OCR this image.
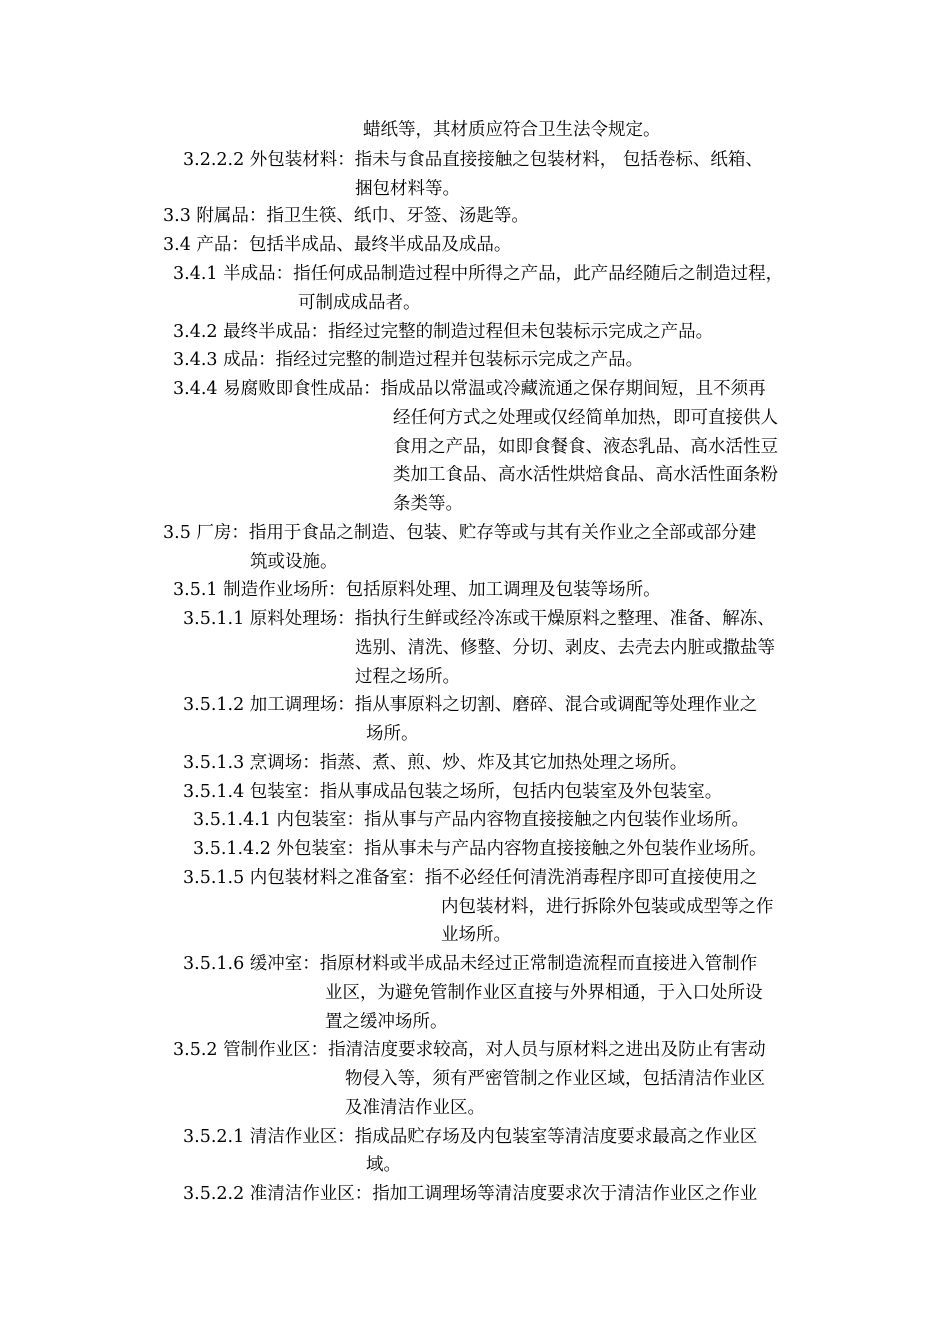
蜡纸等，其材质应符合卫生法令规定。
3.2.2.2 外包装材料：指未与食品直接接触之包装材料， 包括卷标、纸箱、
捆包材料等。
3.3 附属品：指卫生筷、纸巾、牙签、汤匙等。
3.4 产品：包括半成品、最终半成品及成品。
3.4.1 半成品：指任何成品制造过程中所得之产品，此产品经随后之制造过程，
可制成成品者。
3.4.2 最终半成品：指经过完整的制造过程但未包装标示完成之产品。
3.4.3 成品：指经过完整的制造过程并包装标示完成之产品。
3.4.4 易腐败即食性成品：指成品以常温或冷藏流通之保存期间短，且不须再
经任何方式之处理或仅经简单加热，即可直接供人
食用之产品，如即食餐食、液态乳品、高水活性豆
类加工食品、高水活性烘焙食品、高水活性面条粉
条类等。
3.5 厂房：指用于食品之制造、包装、贮存等或与其有关作业之全部或部分建
筑或设施。
3.5.1 制造作业场所：包括原料处理、加工调理及包装等场所。
3.5.1.1 原料处理场：指执行生鲜或经冷冻或干燥原料之整理、准备、解冻、
选别、清洗、修整、分切、剥皮、去壳去内脏或撒盐等
过程之场所。
3.5.1.2 加工调理场：指从事原料之切割、磨碎、混合或调配等处理作业之
场所。
3.5.1.3 烹调场：指蒸、煮、煎、炒、炸及其它加热处理之场所。
3.5.1.4 包装室：指从事成品包装之场所，包括内包装室及外包装室。
3.5.1.4.1 内包装室：指从事与产品内容物直接接触之内包装作业场所。
3.5.1.4.2 外包装室：指从事未与产品内容物直接接触之外包装作业场所。
3.5.1.5 内包装材料之准备室：指不必经任何清洗消毒程序即可直接使用之
内包装材料，进行拆除外包装或成型等之作
业场所。
3.5.1.6 缓冲室：指原材料或半成品未经过正常制造流程而直接进入管制作
业区，为避免管制作业区直接与外界相通，于入口处所设
置之缓冲场所。
3.5.2 管制作业区：指清洁度要求较高，对人员与原材料之进出及防止有害动
物侵入等，须有严密管制之作业区域，包括清洁作业区
及准清洁作业区。
3.5.2.1 清洁作业区：指成品贮存场及内包装室等清洁度要求最高之作业区
域。
3.5.2.2 准清洁作业区：指加工调理场等清洁度要求次于清洁作业区之作业
